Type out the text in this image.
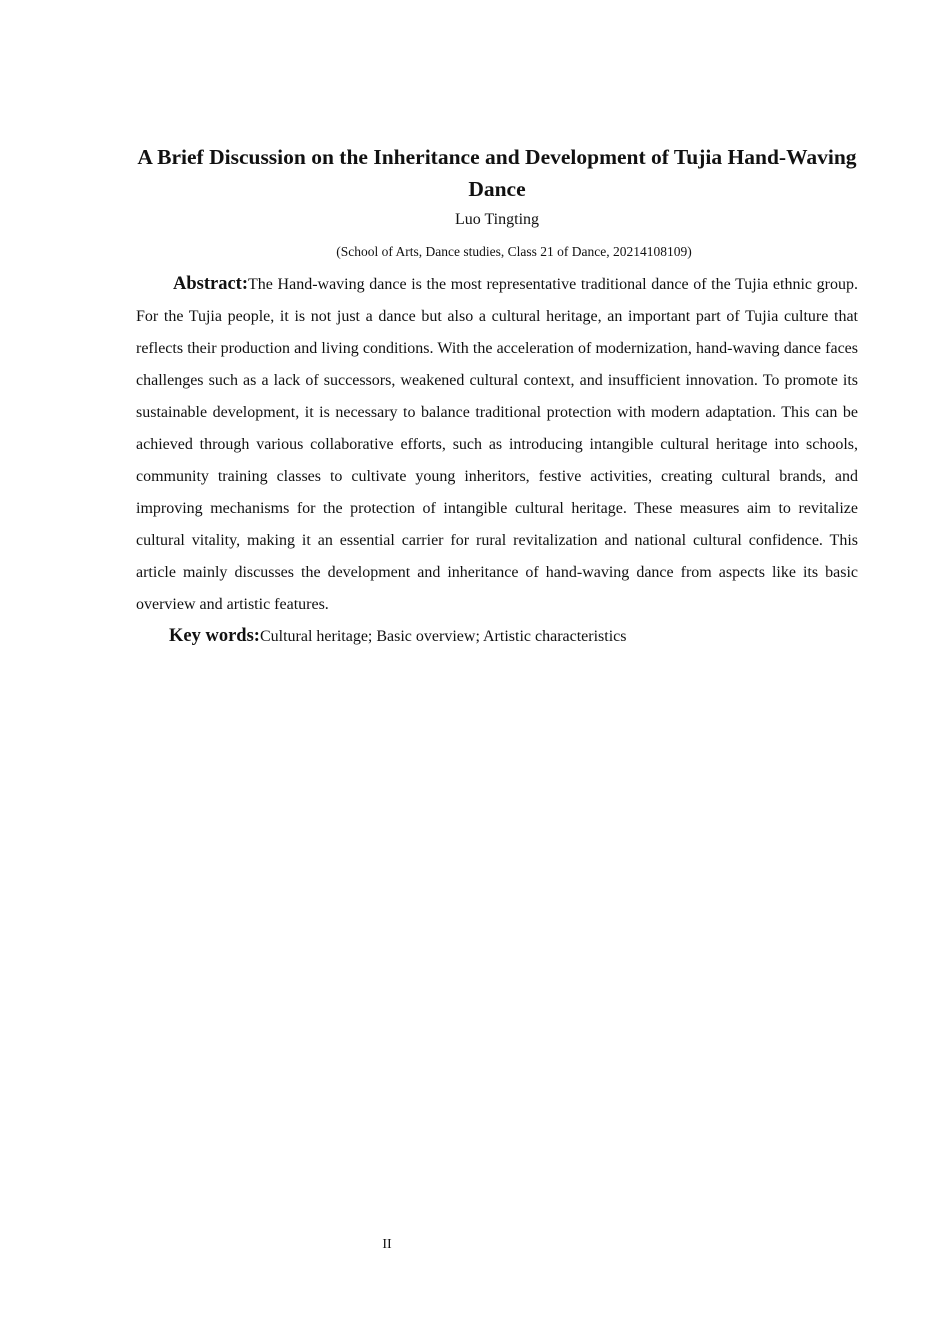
A Brief Discussion on the Inheritance and Development of Tujia Hand-Waving Dance

Luo Tingting

(School of Arts, Dance studies, Class 21 of Dance, 20214108109)

Abstract:The Hand-waving dance is the most representative traditional dance of the Tujia ethnic group. For the Tujia people, it is not just a dance but also a cultural heritage, an important part of Tujia culture that reflects their production and living conditions. With the acceleration of modernization, hand-waving dance faces challenges such as a lack of successors, weakened cultural context, and insufficient innovation. To promote its sustainable development, it is necessary to balance traditional protection with modern adaptation. This can be achieved through various collaborative efforts, such as introducing intangible cultural heritage into schools, community training classes to cultivate young inheritors, festive activities, creating cultural brands, and improving mechanisms for the protection of intangible cultural heritage. These measures aim to revitalize cultural vitality, making it an essential carrier for rural revitalization and national cultural confidence. This article mainly discusses the development and inheritance of hand-waving dance from aspects like its basic overview and artistic features.

Key words:Cultural heritage; Basic overview; Artistic characteristics

II
